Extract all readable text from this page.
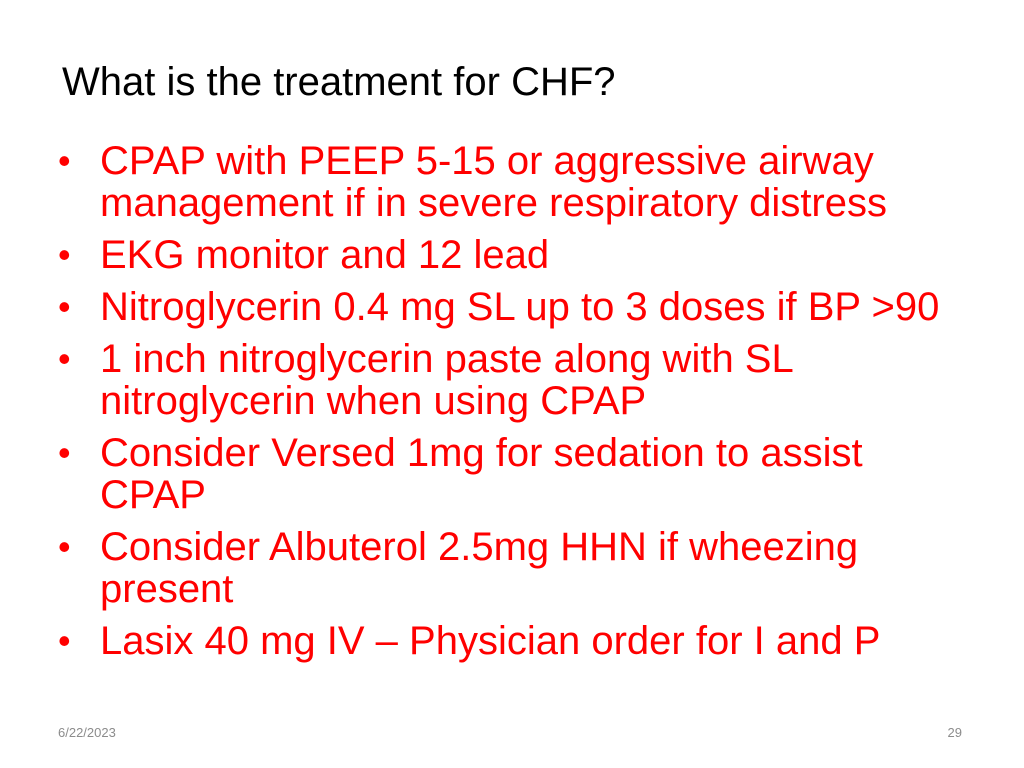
What is the treatment for CHF?
• CPAP with PEEP 5-15 or aggressive airway management if in severe respiratory distress
• EKG monitor and 12 lead
• Nitroglycerin 0.4 mg SL up to 3 doses if BP >90
• 1 inch nitroglycerin paste along with SL nitroglycerin when using CPAP
• Consider Versed 1mg for sedation to assist CPAP
• Consider Albuterol 2.5mg HHN if wheezing present
• Lasix 40 mg IV – Physician order for I and P
6/22/2023	29
